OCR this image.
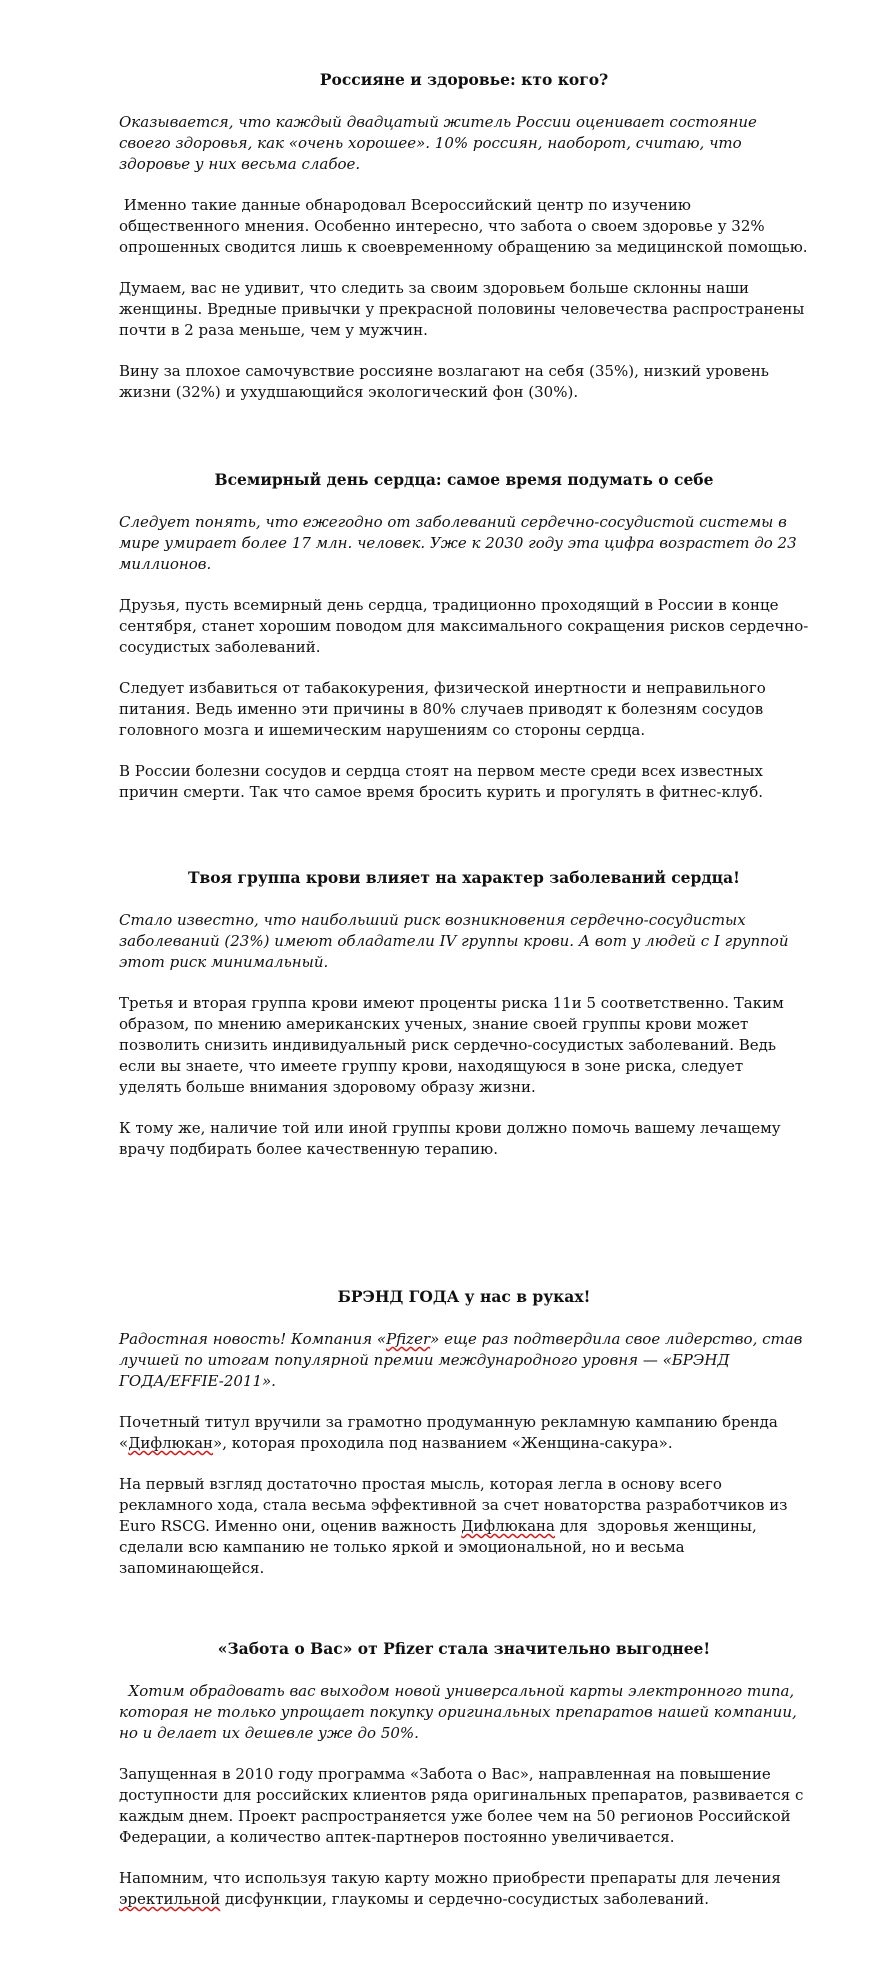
Россияне и здоровье: кто кого?

Оказывается, что каждый двадцатый житель России оценивает состояние своего здоровья, как «очень хорошее». 10% россиян, наоборот, считаю, что здоровье у них весьма слабое.

Именно такие данные обнародовал Всероссийский центр по изучению общественного мнения. Особенно интересно, что забота о своем здоровье у 32% опрошенных сводится лишь к своевременному обращению за медицинской помощью.

Думаем, вас не удивит, что следить за своим здоровьем больше склонны наши женщины. Вредные привычки у прекрасной половины человечества распространены почти в 2 раза меньше, чем у мужчин.

Вину за плохое самочувствие россияне возлагают на себя (35%), низкий уровень жизни (32%) и ухудшающийся экологический фон (30%).

Всемирный день сердца: самое время подумать о себе

Следует понять, что ежегодно от заболеваний сердечно-сосудистой системы в мире умирает более 17 млн. человек. Уже к 2030 году эта цифра возрастет до 23 миллионов.

Друзья, пусть всемирный день сердца, традиционно проходящий в России в конце сентября, станет хорошим поводом для максимального сокращения рисков сердечно-сосудистых заболеваний.

Следует избавиться от табакокурения, физической инертности и неправильного питания. Ведь именно эти причины в 80% случаев приводят к болезням сосудов головного мозга и ишемическим нарушениям со стороны сердца.

В России болезни сосудов и сердца стоят на первом месте среди всех известных причин смерти. Так что самое время бросить курить и прогулять в фитнес-клуб.

Твоя группа крови влияет на характер заболеваний сердца!

Стало известно, что наибольший риск возникновения сердечно-сосудистых заболеваний (23%) имеют обладатели IV группы крови. А вот у людей с I группой этот риск минимальный.

Третья и вторая группа крови имеют проценты риска 11и 5 соответственно. Таким образом, по мнению американских ученых, знание своей группы крови может позволить снизить индивидуальный риск сердечно-сосудистых заболеваний. Ведь если вы знаете, что имеете группу крови, находящуюся в зоне риска, следует уделять больше внимания здоровому образу жизни.

К тому же, наличие той или иной группы крови должно помочь вашему лечащему врачу подбирать более качественную терапию.

БРЭНД ГОДА у нас в руках!

Радостная новость! Компания «Pfizer» еще раз подтвердила свое лидерство, став лучшей по итогам популярной премии международного уровня — «БРЭНД ГОДА/EFFIE-2011».

Почетный титул вручили за грамотно продуманную рекламную кампанию бренда «Дифлюкан», которая проходила под названием «Женщина-сакура».

На первый взгляд достаточно простая мысль, которая легла в основу всего рекламного хода, стала весьма эффективной за счет новаторства разработчиков из Euro RSCG. Именно они, оценив важность Дифлюкана для  здоровья женщины, сделали всю кампанию не только яркой и эмоциональной, но и весьма запоминающейся.

«Забота о Вас» от Pfizer стала значительно выгоднее!

Хотим обрадовать вас выходом новой универсальной карты электронного типа, которая не только упрощает покупку оригинальных препаратов нашей компании, но и делает их дешевле уже до 50%.

Запущенная в 2010 году программа «Забота о Вас», направленная на повышение доступности для российских клиентов ряда оригинальных препаратов, развивается с каждым днем. Проект распространяется уже более чем на 50 регионов Российской Федерации, а количество аптек-партнеров постоянно увеличивается.

Напомним, что используя такую карту можно приобрести препараты для лечения эректильной дисфункции, глаукомы и сердечно-сосудистых заболеваний.
